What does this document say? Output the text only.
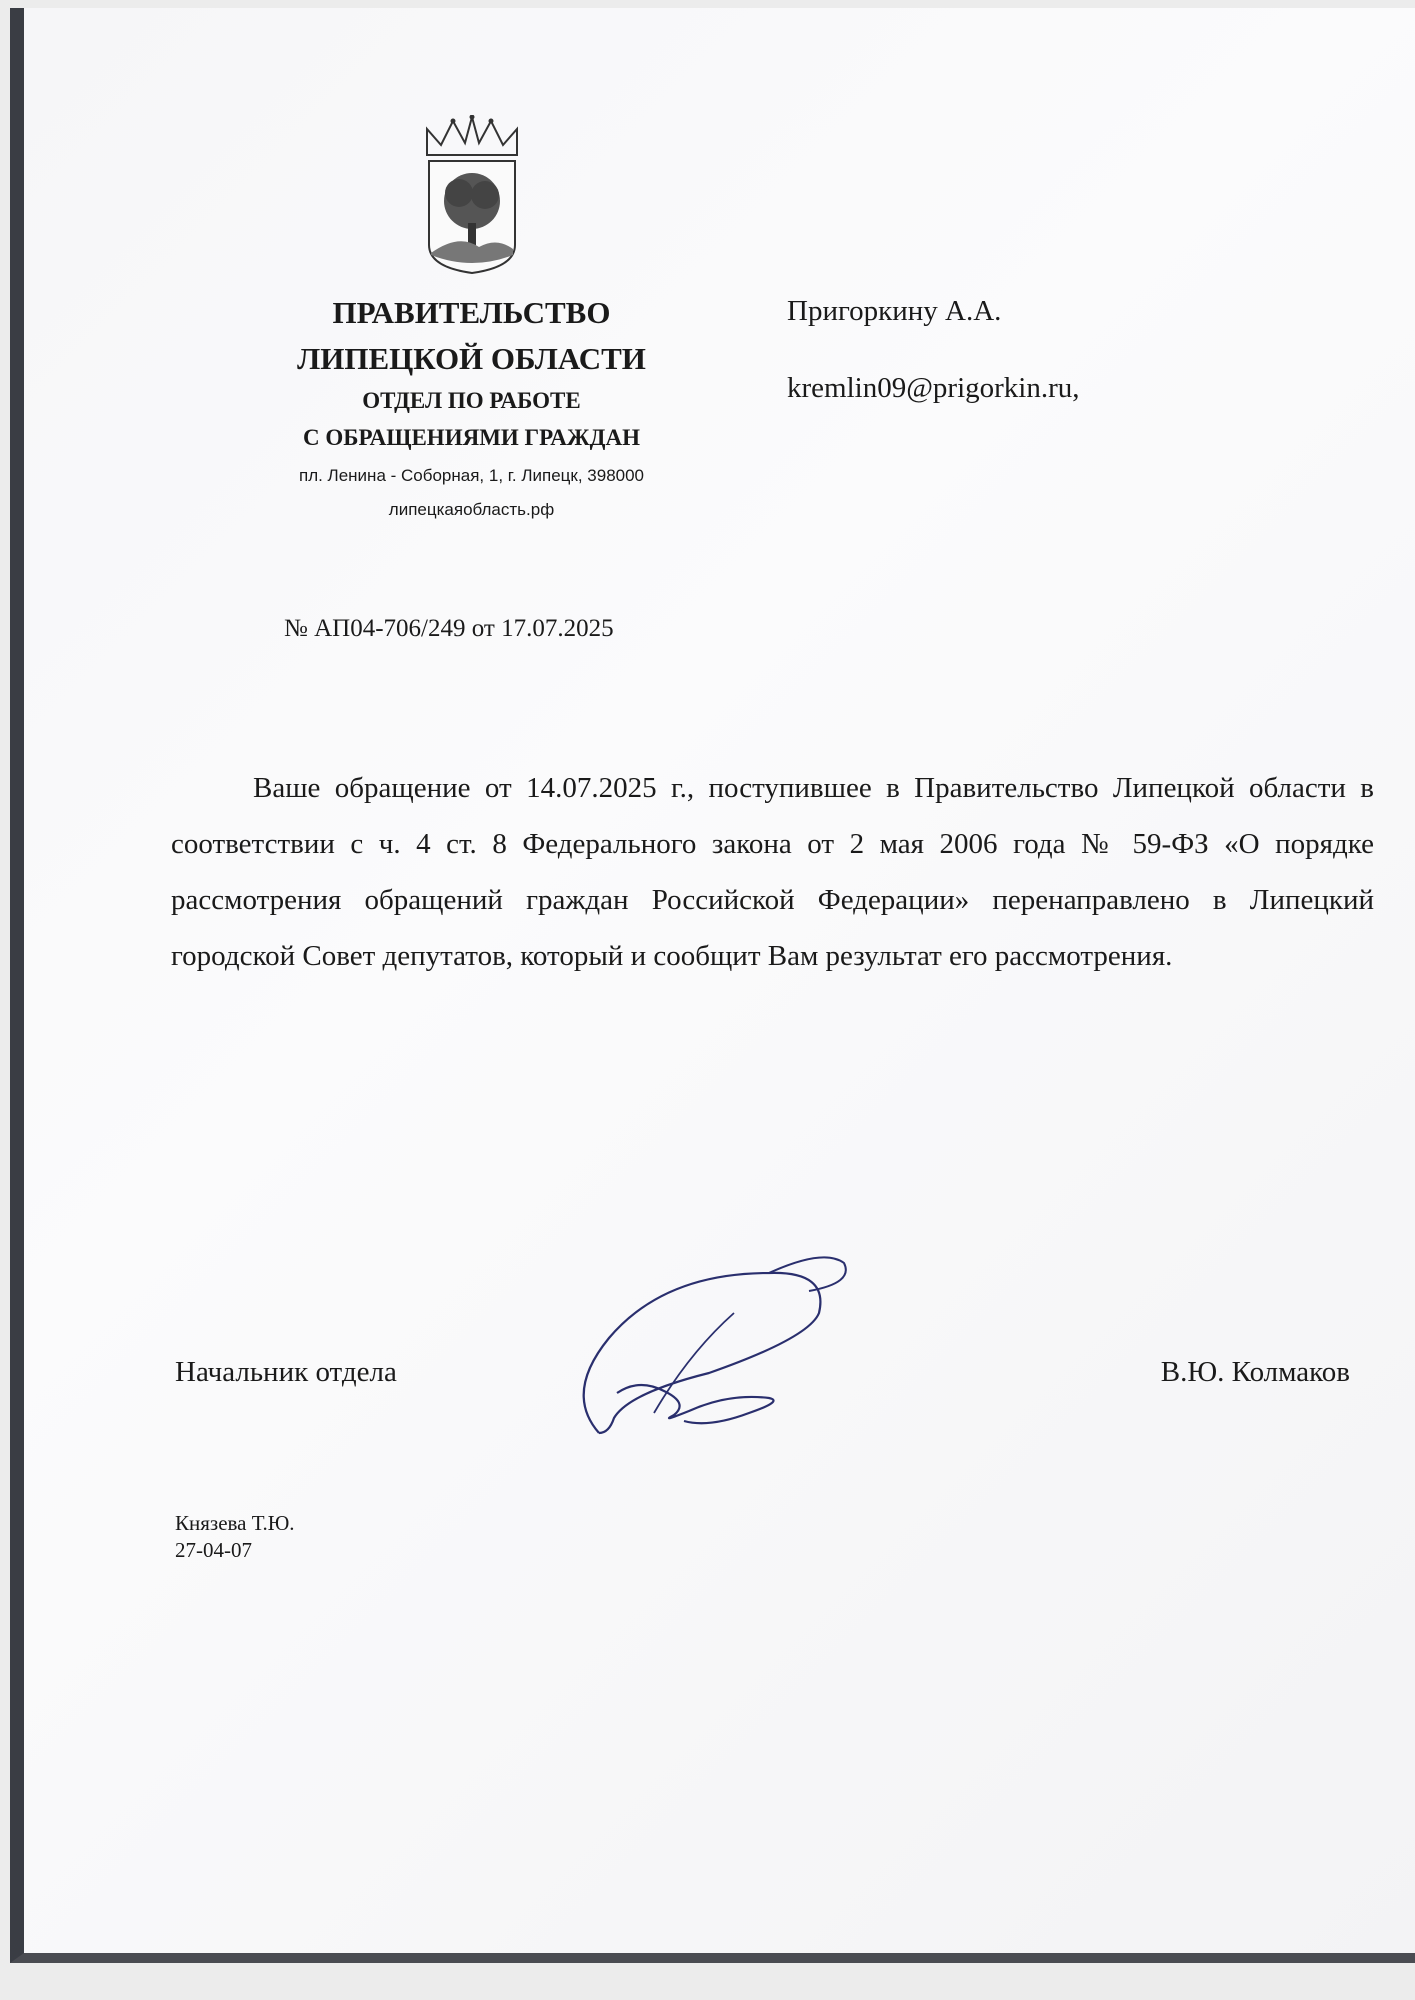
ПРАВИТЕЛЬСТВО
ЛИПЕЦКОЙ ОБЛАСТИ
ОТДЕЛ ПО РАБОТЕ
С ОБРАЩЕНИЯМИ ГРАЖДАН
пл. Ленина - Соборная, 1, г. Липецк, 398000
липецкаяобласть.рф
Пригоркину А.А.
kremlin09@prigorkin.ru,
№ АП04-706/249 от 17.07.2025
Ваше обращение от 14.07.2025 г., поступившее в Правительство Липецкой области в соответствии с ч. 4 ст. 8 Федерального закона от 2 мая 2006 года № 59-ФЗ «О порядке рассмотрения обращений граждан Российской Федерации» перенаправлено в Липецкий городской Совет депутатов, который и сообщит Вам результат его рассмотрения.
Начальник отдела	В.Ю. Колмаков
Князева Т.Ю.
27-04-07
